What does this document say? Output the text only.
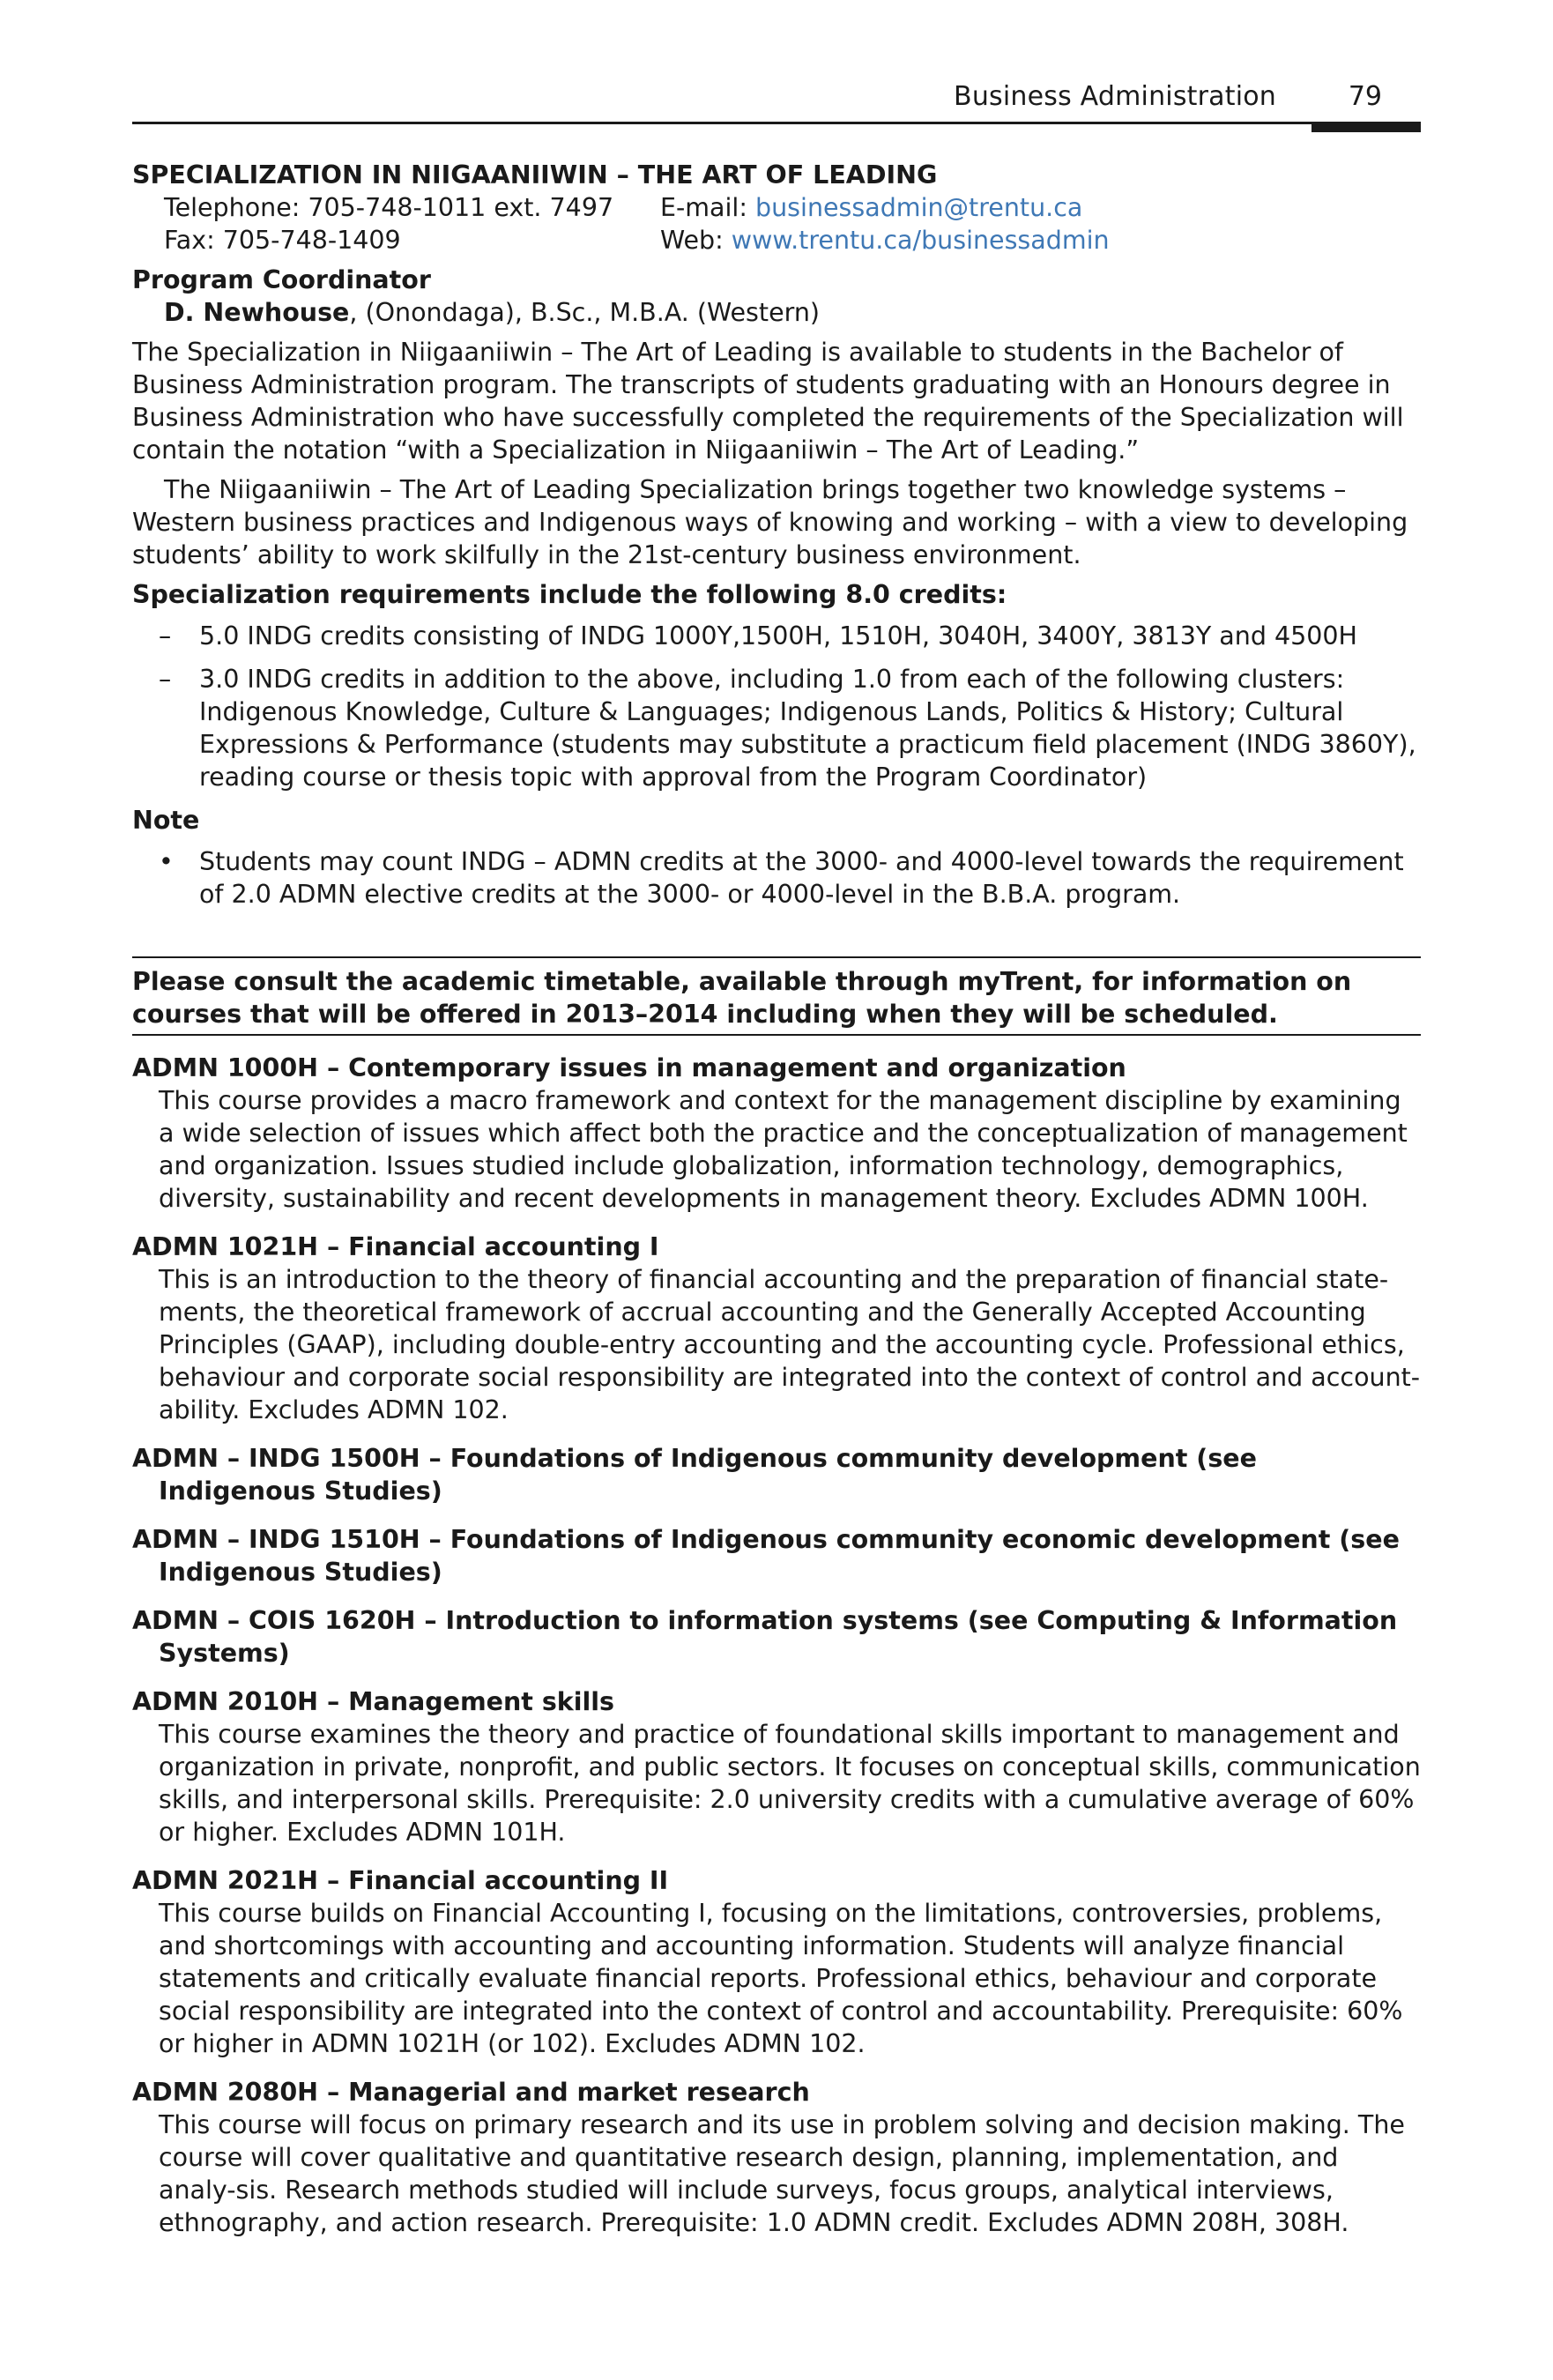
Business Administration	79
SPECIALIZATION IN NIIGAANIIWIN – THE ART OF LEADING
Telephone: 705-748-1011 ext. 7497	E-mail: businessadmin@trentu.ca
Fax: 705-748-1409	Web: www.trentu.ca/businessadmin

Program Coordinator

D. Newhouse, (Onondaga), B.Sc., M.B.A. (Western)

The Specialization in Niigaaniiwin – The Art of Leading is available to students in the Bachelor of Business Administration program. The transcripts of students graduating with an Honours degree in Business Administration who have successfully completed the requirements of the Specialization will contain the notation “with a Specialization in Niigaaniiwin – The Art of Leading.”

The Niigaaniiwin – The Art of Leading Specialization brings together two knowledge systems – Western business practices and Indigenous ways of knowing and working – with a view to developing students’ ability to work skilfully in the 21st-century business environment.

Specialization requirements include the following 8.0 credits:

– 5.0 INDG credits consisting of INDG 1000Y,1500H, 1510H, 3040H, 3400Y, 3813Y and 4500H
– 3.0 INDG credits in addition to the above, including 1.0 from each of the following clusters: Indigenous Knowledge, Culture & Languages; Indigenous Lands, Politics & History; Cultural Expressions & Performance (students may substitute a practicum field placement (INDG 3860Y), reading course or thesis topic with approval from the Program Coordinator)

Note

• Students may count INDG – ADMN credits at the 3000- and 4000-level towards the requirement of 2.0 ADMN elective credits at the 3000- or 4000-level in the B.B.A. program.
Please consult the academic timetable, available through myTrent, for information on courses that will be offered in 2013–2014 including when they will be scheduled.

ADMN 1000H – Contemporary issues in management and organization

This course provides a macro framework and context for the management discipline by examining a wide selection of issues which affect both the practice and the conceptualization of management and organization. Issues studied include globalization, information technology, demographics, diversity, sustainability and recent developments in management theory. Excludes ADMN 100H.

ADMN 1021H – Financial accounting I

This is an introduction to the theory of financial accounting and the preparation of financial state-ments, the theoretical framework of accrual accounting and the Generally Accepted Accounting Principles (GAAP), including double-entry accounting and the accounting cycle. Professional ethics, behaviour and corporate social responsibility are integrated into the context of control and account-ability. Excludes ADMN 102.

ADMN – INDG 1500H – Foundations of Indigenous community development (see Indigenous Studies)

ADMN – INDG 1510H – Foundations of Indigenous community economic development (see Indigenous Studies)

ADMN – COIS 1620H – Introduction to information systems (see Computing & Information Systems)

ADMN 2010H – Management skills

This course examines the theory and practice of foundational skills important to management and organization in private, nonprofit, and public sectors. It focuses on conceptual skills, communication skills, and interpersonal skills. Prerequisite: 2.0 university credits with a cumulative average of 60% or higher. Excludes ADMN 101H.

ADMN 2021H – Financial accounting II

This course builds on Financial Accounting I, focusing on the limitations, controversies, problems, and shortcomings with accounting and accounting information. Students will analyze financial statements and critically evaluate financial reports. Professional ethics, behaviour and corporate social responsibility are integrated into the context of control and accountability. Prerequisite: 60% or higher in ADMN 1021H (or 102). Excludes ADMN 102.

ADMN 2080H – Managerial and market research

This course will focus on primary research and its use in problem solving and decision making. The course will cover qualitative and quantitative research design, planning, implementation, and analy-sis. Research methods studied will include surveys, focus groups, analytical interviews, ethnography, and action research. Prerequisite: 1.0 ADMN credit. Excludes ADMN 208H, 308H.
